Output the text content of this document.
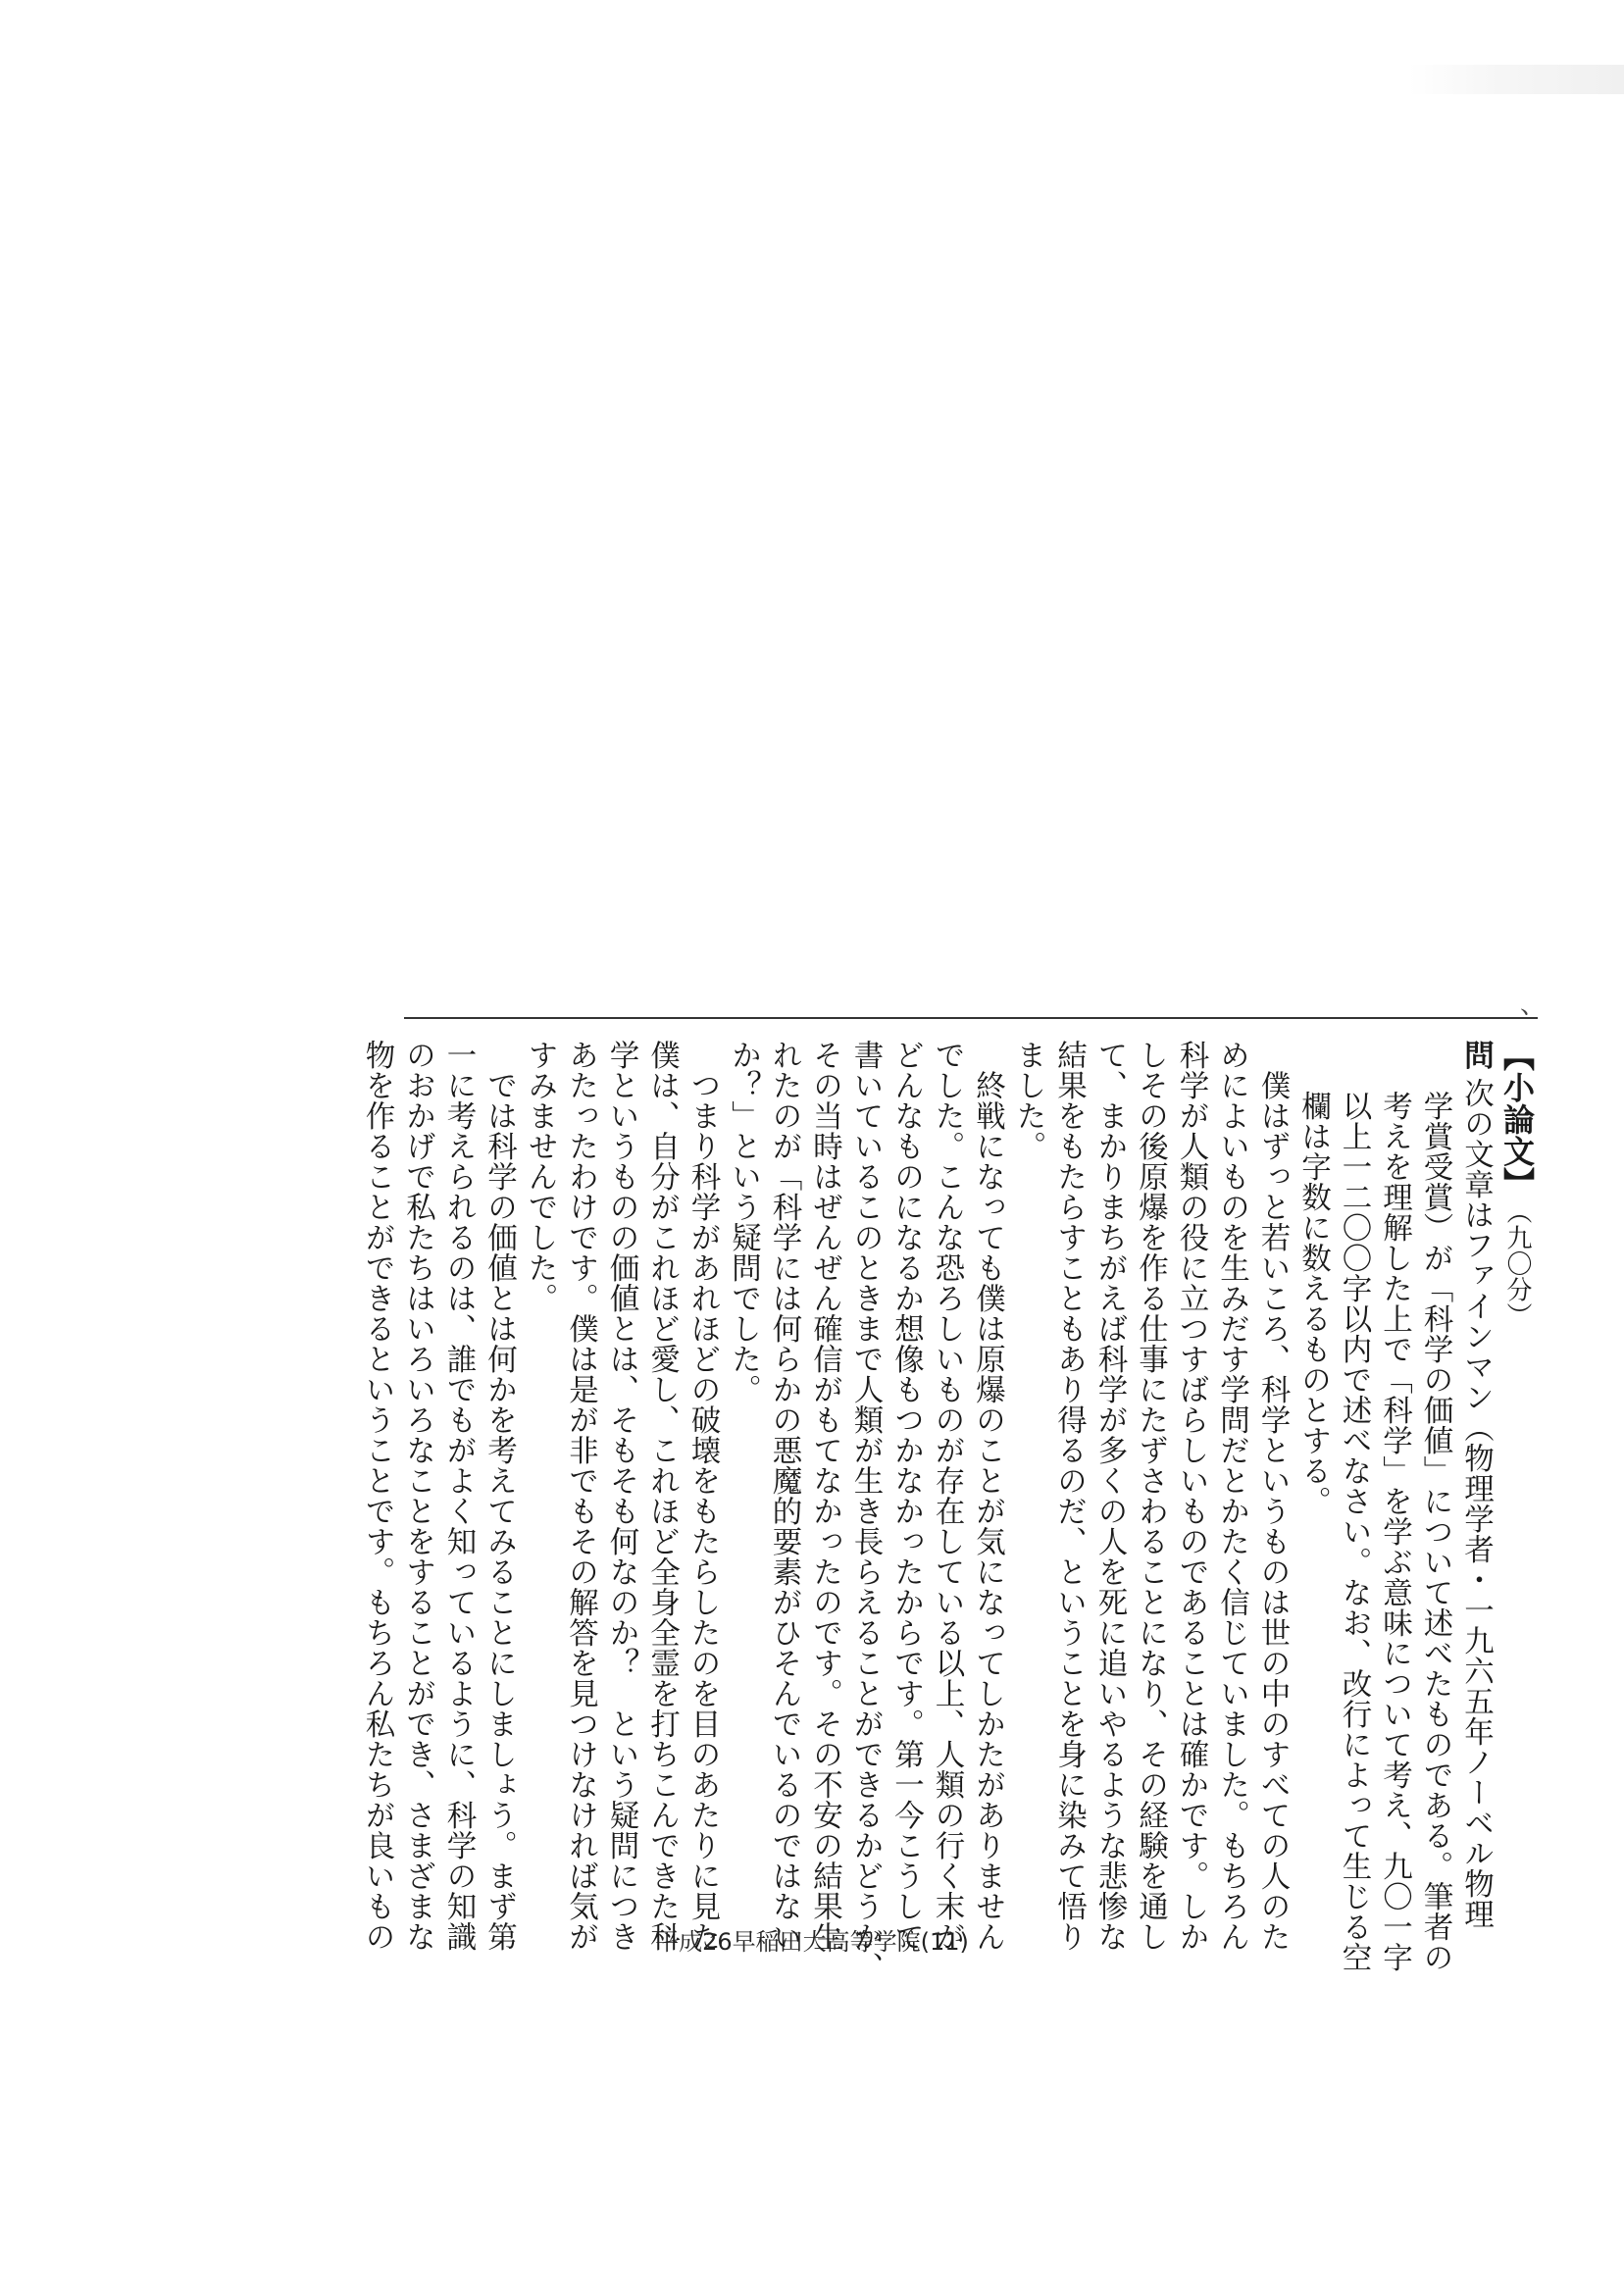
、
【小論文】（九〇分）
問次の文章はファインマン（物理学者・一九六五年ノーベル物理
学賞受賞）が「科学の価値」について述べたものである。筆者の
考えを理解した上で「科学」を学ぶ意味について考え、九〇一字
以上一二〇〇字以内で述べなさい。なお、改行によって生じる空
欄は字数に数えるものとする。
僕はずっと若いころ、科学というものは世の中のすべての人のた
めによいものを生みだす学問だとかたく信じていました。もちろん
科学が人類の役に立つすばらしいものであることは確かです。しか
しその後原爆を作る仕事にたずさわることになり、その経験を通し
て、まかりまちがえば科学が多くの人を死に追いやるような悲惨な
結果をもたらすこともあり得るのだ、ということを身に染みて悟り
ました。
終戦になっても僕は原爆のことが気になってしかたがありません
でした。こんな恐ろしいものが存在している以上、人類の行く末が
どんなものになるか想像もつかなかったからです。第一今こうして
書いているこのときまで人類が生き長らえることができるかどうか、
その当時はぜんぜん確信がもてなかったのです。その不安の結果生
れたのが「科学には何らかの悪魔的要素がひそんでいるのではない
か？」という疑問でした。
つまり科学があれほどの破壊をもたらしたのを目のあたりに見た
僕は、自分がこれほど愛し、これほど全身全霊を打ちこんできた科
学というものの価値とは、そもそも何なのか？　という疑問につき
あたったわけです。僕は是が非でもその解答を見つけなければ気が
すみませんでした。
では科学の価値とは何かを考えてみることにしましょう。まず第
一に考えられるのは、誰でもがよく知っているように、科学の知識
のおかげで私たちはいろいろなことをすることができ、さまざまな
物を作ることができるということです。もちろん私たちが良いもの	平成26早稲田大高等学院(11)
